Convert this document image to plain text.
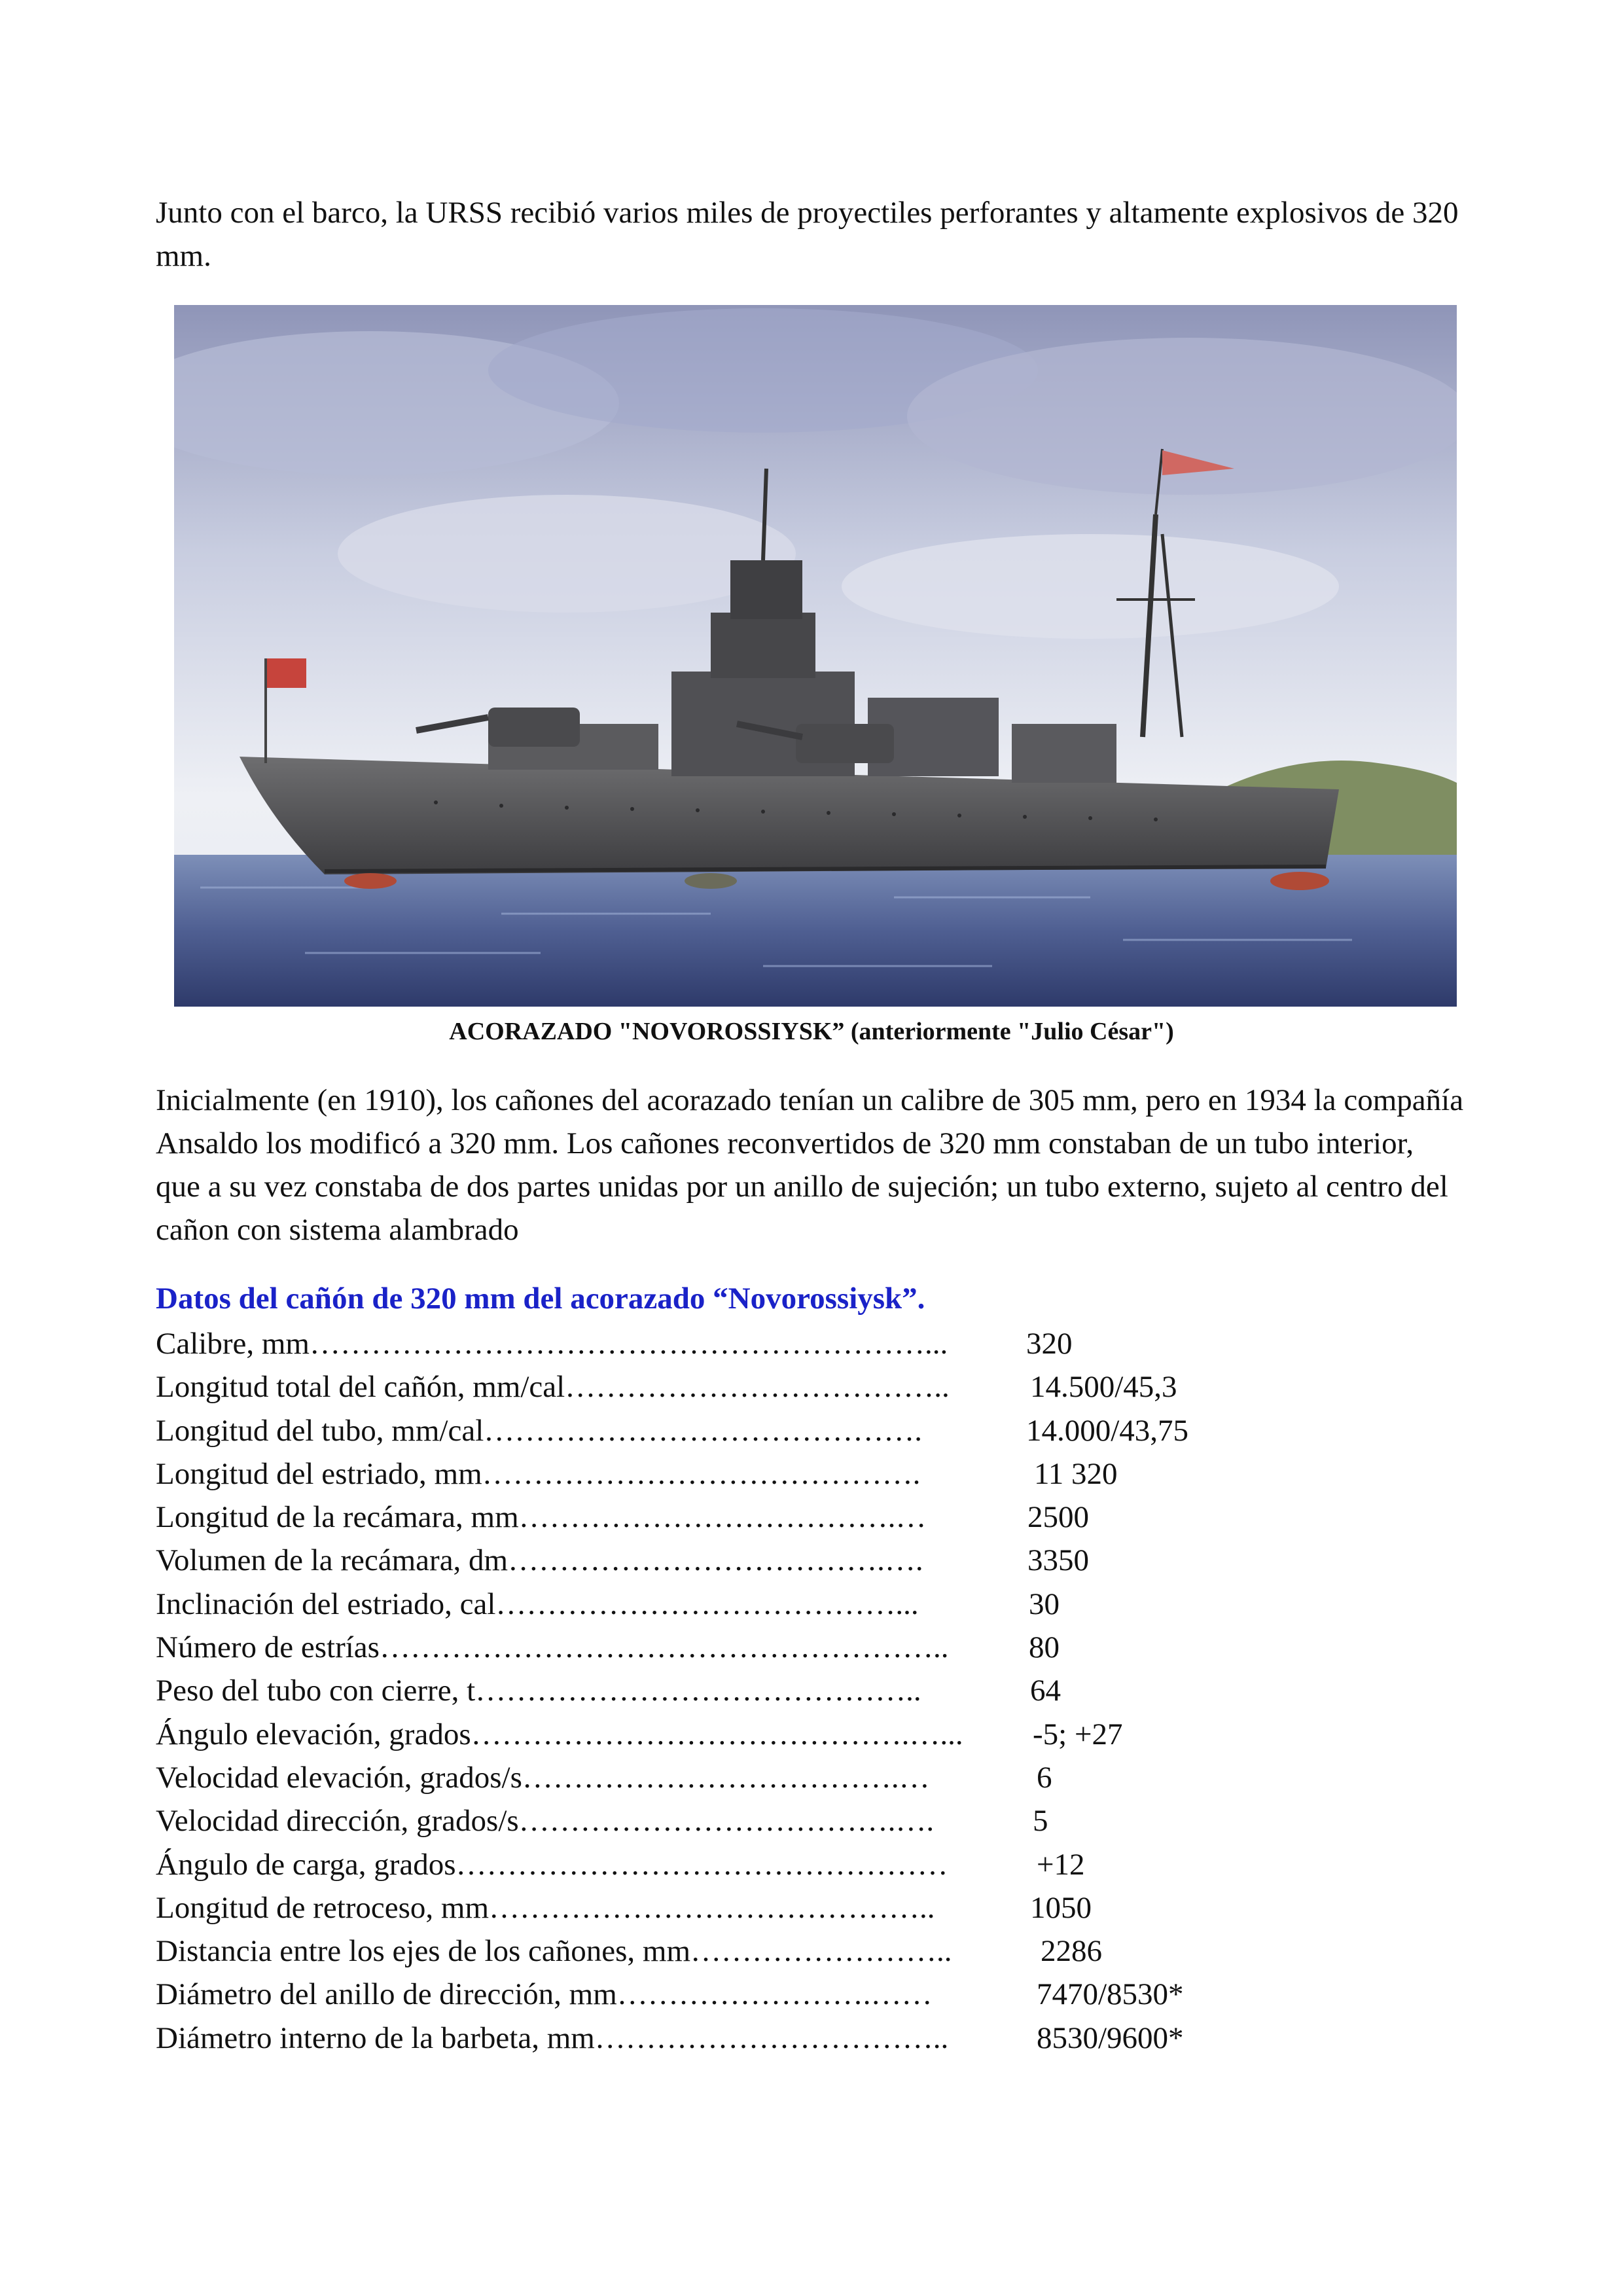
Junto con el barco, la URSS recibió varios miles de proyectiles perforantes y altamente explosivos de 320 mm.

ACORAZADO "NOVOROSSIYSK” (anteriormente "Julio César")

Inicialmente (en 1910), los cañones del acorazado tenían un calibre de 305 mm, pero en 1934 la compañía Ansaldo los modificó a 320 mm. Los cañones reconvertidos de 320 mm constaban de un tubo interior, que a su vez constaba de dos partes unidas por un anillo de sujeción; un tubo externo, sujeto al centro del cañon con sistema alambrado

Datos del cañón de 320 mm del acorazado “Novorossiysk”.
Calibre, mm……………………………………………………...	320
Longitud total del cañón, mm/cal………………………………..	14.500/45,3
Longitud del tubo, mm/cal…………………………………….	14.000/43,75
Longitud del estriado, mm…………………………………….	11 320
Longitud de la recámara, mm……………………………….…	2500
Volumen de la recámara, dm……………………………….….	3350
Inclinación del estriado, cal…………………………………...	30
Número de estrías………………………………………………..	80
Peso del tubo con cierre, t……………………………………..	64
Ángulo elevación, grados…………………………………….…... -5; +27
Velocidad elevación, grados/s……………………………….…	6
Velocidad dirección, grados/s……………………………….….	5
Ángulo de carga, grados…………………………………………	+12
Longitud de retroceso, mm……………………………………..	1050
Distancia entre los ejes de los cañones, mm……………………..	2286
Diámetro del anillo de dirección, mm…………………….……	7470/8530*
Diámetro interno de la barbeta, mm……………………………..	8530/9600*
